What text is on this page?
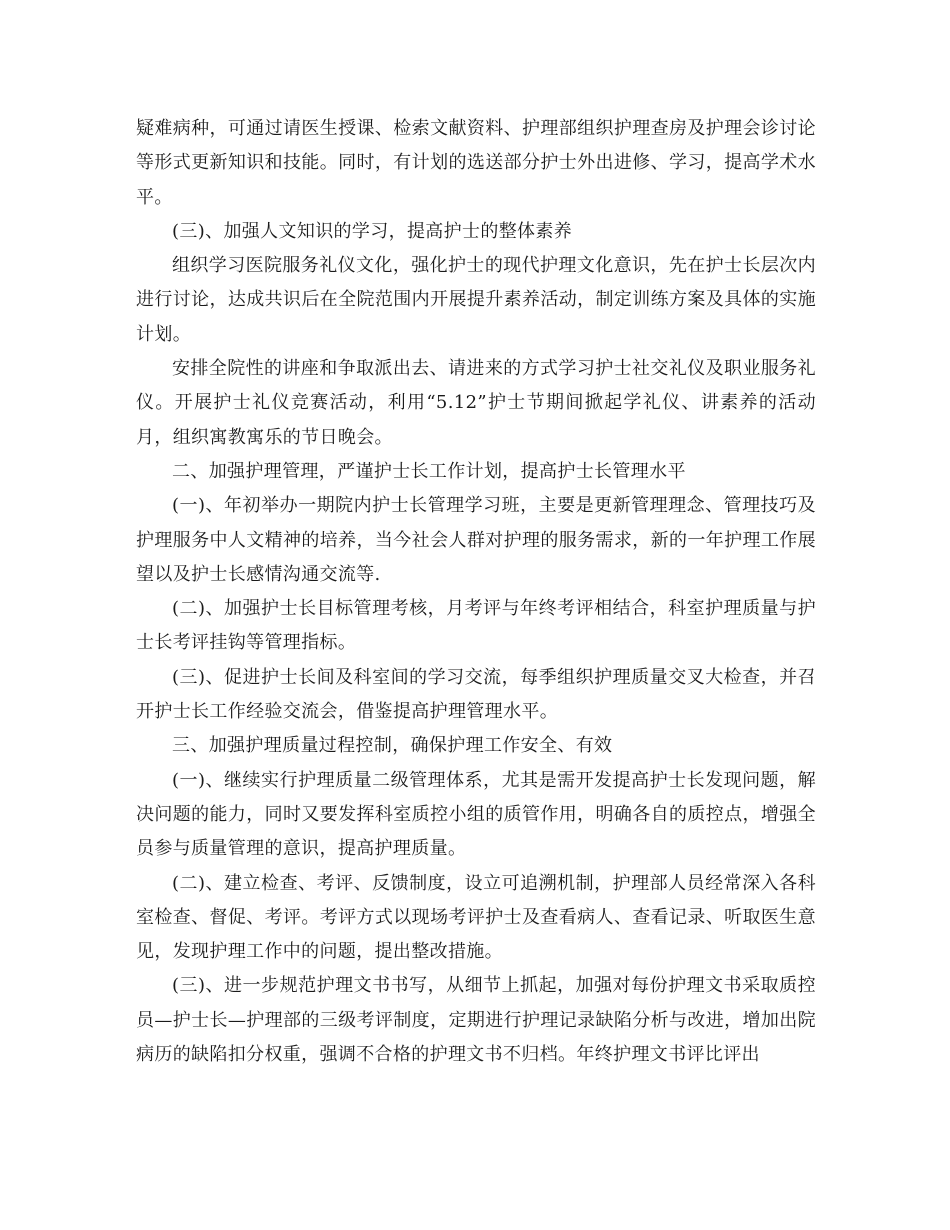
疑难病种，可通过请医生授课、检索文献资料、护理部组织护理查房及护理会诊讨论等形式更新知识和技能。同时，有计划的选送部分护士外出进修、学习，提高学术水平。

(三)、加强人文知识的学习，提高护士的整体素养

组织学习医院服务礼仪文化，强化护士的现代护理文化意识，先在护士长层次内进行讨论，达成共识后在全院范围内开展提升素养活动，制定训练方案及具体的实施计划。

安排全院性的讲座和争取派出去、请进来的方式学习护士社交礼仪及职业服务礼仪。开展护士礼仪竞赛活动，利用“5.12”护士节期间掀起学礼仪、讲素养的活动月，组织寓教寓乐的节日晚会。

二、加强护理管理，严谨护士长工作计划，提高护士长管理水平

(一)、年初举办一期院内护士长管理学习班，主要是更新管理理念、管理技巧及护理服务中人文精神的培养，当今社会人群对护理的服务需求，新的一年护理工作展望以及护士长感情沟通交流等.

(二)、加强护士长目标管理考核，月考评与年终考评相结合，科室护理质量与护士长考评挂钩等管理指标。

(三)、促进护士长间及科室间的学习交流，每季组织护理质量交叉大检查，并召开护士长工作经验交流会，借鉴提高护理管理水平。

三、加强护理质量过程控制，确保护理工作安全、有效

(一)、继续实行护理质量二级管理体系，尤其是需开发提高护士长发现问题，解决问题的能力，同时又要发挥科室质控小组的质管作用，明确各自的质控点，增强全员参与质量管理的意识，提高护理质量。

(二)、建立检查、考评、反馈制度，设立可追溯机制，护理部人员经常深入各科室检查、督促、考评。考评方式以现场考评护士及查看病人、查看记录、听取医生意见，发现护理工作中的问题，提出整改措施。

(三)、进一步规范护理文书书写，从细节上抓起，加强对每份护理文书采取质控员—护士长—护理部的三级考评制度，定期进行护理记录缺陷分析与改进，增加出院病历的缺陷扣分权重，强调不合格的护理文书不归档。年终护理文书评比评出
